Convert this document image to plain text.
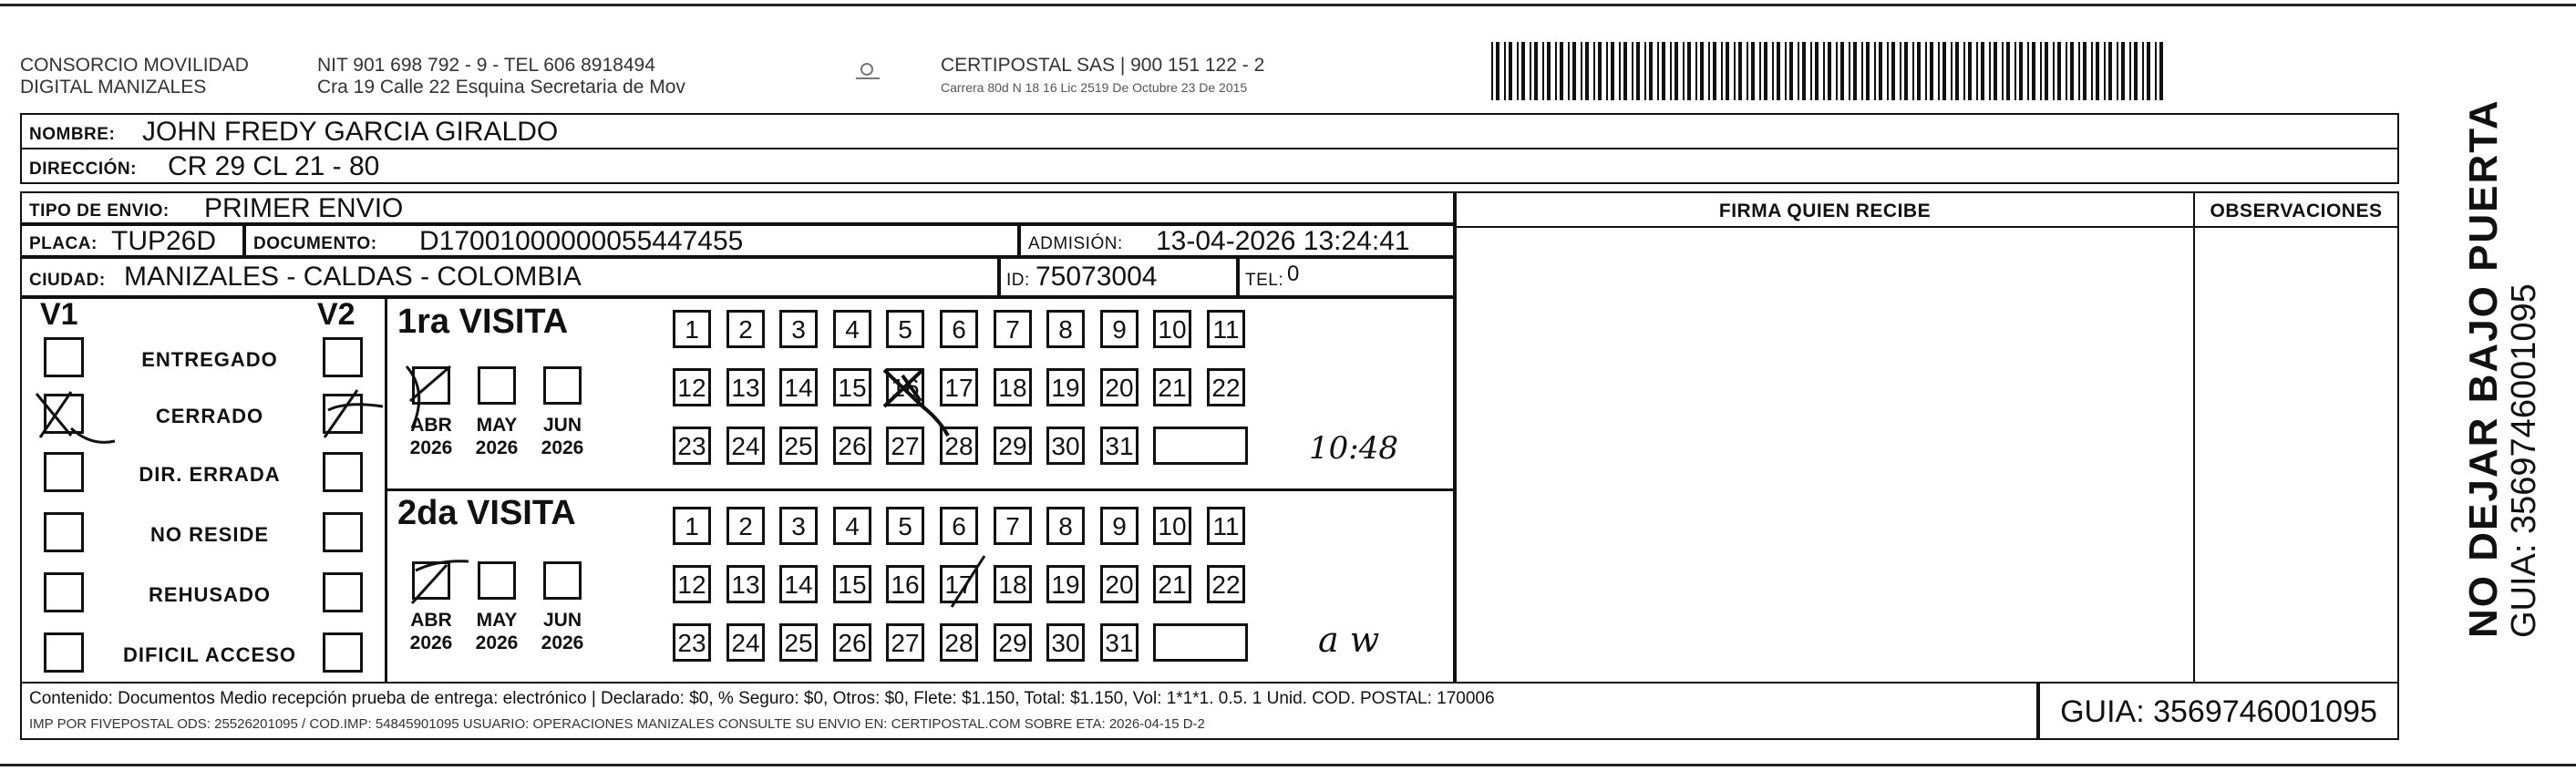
CONSORCIO MOVILIDAD
DIGITAL MANIZALES
NIT 901 698 792 - 9 - TEL 606 8918494
Cra 19 Calle 22 Esquina Secretaria de Mov
CERTIPOSTAL SAS | 900 151 122 - 2
Carrera 80d N 18 16 Lic 2519 De Octubre 23 De 2015
NOMBRE: JOHN FREDY GARCIA GIRALDO
DIRECCIÓN: CR 29 CL 21 - 80
TIPO DE ENVIO: PRIMER ENVIO
PLACA: TUP26D DOCUMENTO: D17001000000055447455	ADMISIÓN: 13-04-2026 13:24:41
CIUDAD: MANIZALES - CALDAS - COLOMBIA	ID: 75073004	TEL: 0
FIRMA QUIEN RECIBE	OBSERVACIONES
V1	V2
ENTREGADO
CERRADO
DIR. ERRADA
NO RESIDE
REHUSADO
DIFICIL ACCESO
1ra VISITA
2da VISITA
ABR
2026
MAY
2026
JUN
2026
ABR
2026
MAY
2026
JUN
2026
1	2	3	4	5	6	7	8	9	10 11
12 13 14 15 16 17 18 19 20 21 22
23 24 25 26 27 28 29 30 31
1	2	3	4	5	6	7	8	9	10 11
12 13 14 15 16 17 18 19 20 21 22
23 24 25 26 27 28 29 30 31
10:48
a w
NO DEJAR BAJO PUERTA GUIA: 3569746001095
Contenido: Documentos Medio recepción prueba de entrega: electrónico | Declarado: $0, % Seguro: $0, Otros: $0, Flete: $1.150, Total: $1.150, Vol: 1*1*1. 0.5. 1 Unid. COD. POSTAL: 170006
IMP POR FIVEPOSTAL ODS: 25526201095 / COD.IMP: 54845901095 USUARIO: OPERACIONES MANIZALES CONSULTE SU ENVIO EN: CERTIPOSTAL.COM SOBRE ETA: 2026-04-15 D-2	GUIA: 3569746001095
